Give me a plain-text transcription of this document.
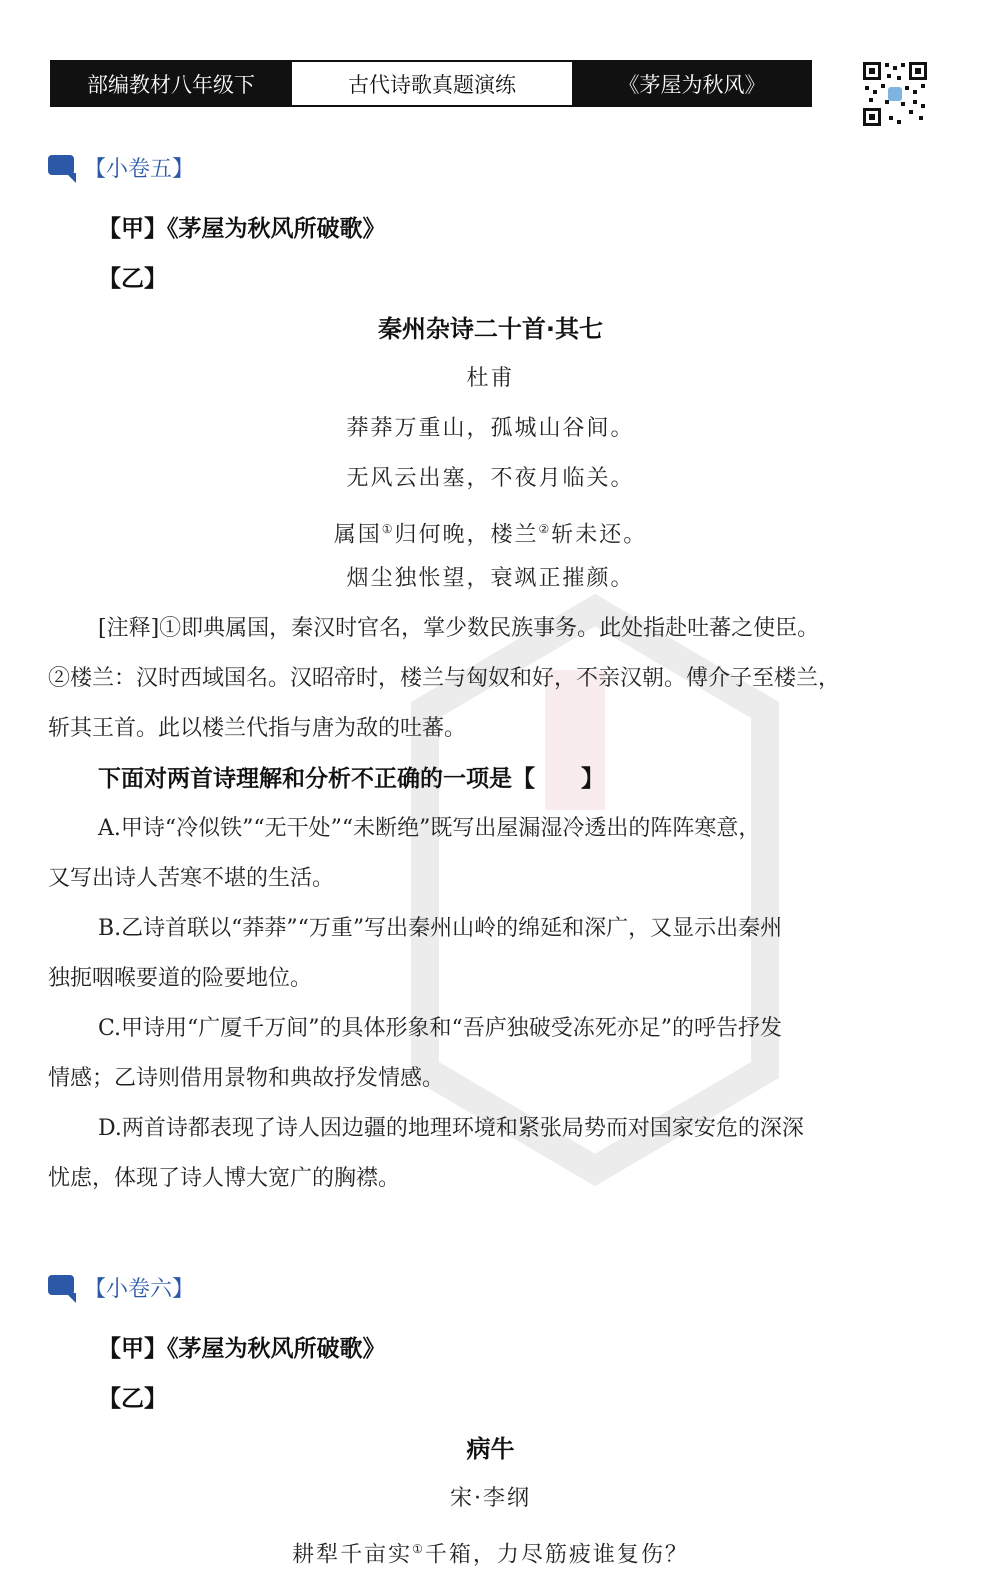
部编教材八年级下	古代诗歌真题演练	《茅屋为秋风》
【小卷五】
【甲】《茅屋为秋风所破歌》
【乙】
秦州杂诗二十首·其七
杜甫
莽莽万重山，孤城山谷间。
无风云出塞，不夜月临关。
属国①归何晚，楼兰②斩未还。
烟尘独怅望，衰飒正摧颜。
[注释]①即典属国，秦汉时官名，掌少数民族事务。此处指赴吐蕃之使臣。
②楼兰：汉时西域国名。汉昭帝时，楼兰与匈奴和好，不亲汉朝。傅介子至楼兰，
斩其王首。此以楼兰代指与唐为敌的吐蕃。
下面对两首诗理解和分析不正确的一项是【　　】
A.甲诗“冷似铁”“无干处”“未断绝”既写出屋漏湿冷透出的阵阵寒意，
又写出诗人苦寒不堪的生活。
B.乙诗首联以“莽莽”“万重”写出秦州山岭的绵延和深广，又显示出秦州
独扼咽喉要道的险要地位。
C.甲诗用“广厦千万间”的具体形象和“吾庐独破受冻死亦足”的呼告抒发
情感；乙诗则借用景物和典故抒发情感。
D.两首诗都表现了诗人因边疆的地理环境和紧张局势而对国家安危的深深
忧虑，体现了诗人博大宽广的胸襟。
【小卷六】
【甲】《茅屋为秋风所破歌》
【乙】
病牛
宋·李纲
耕犁千亩实①千箱，力尽筋疲谁复伤？
